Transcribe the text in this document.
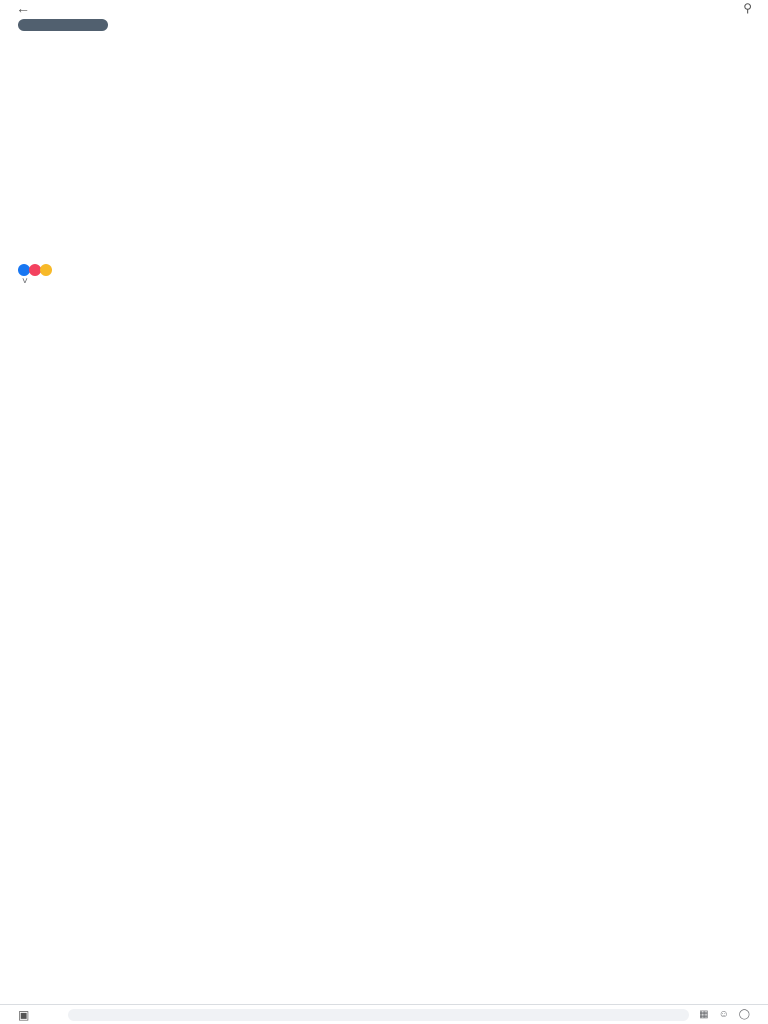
←	⚲
˅
▣	▦ ☺ ◯
